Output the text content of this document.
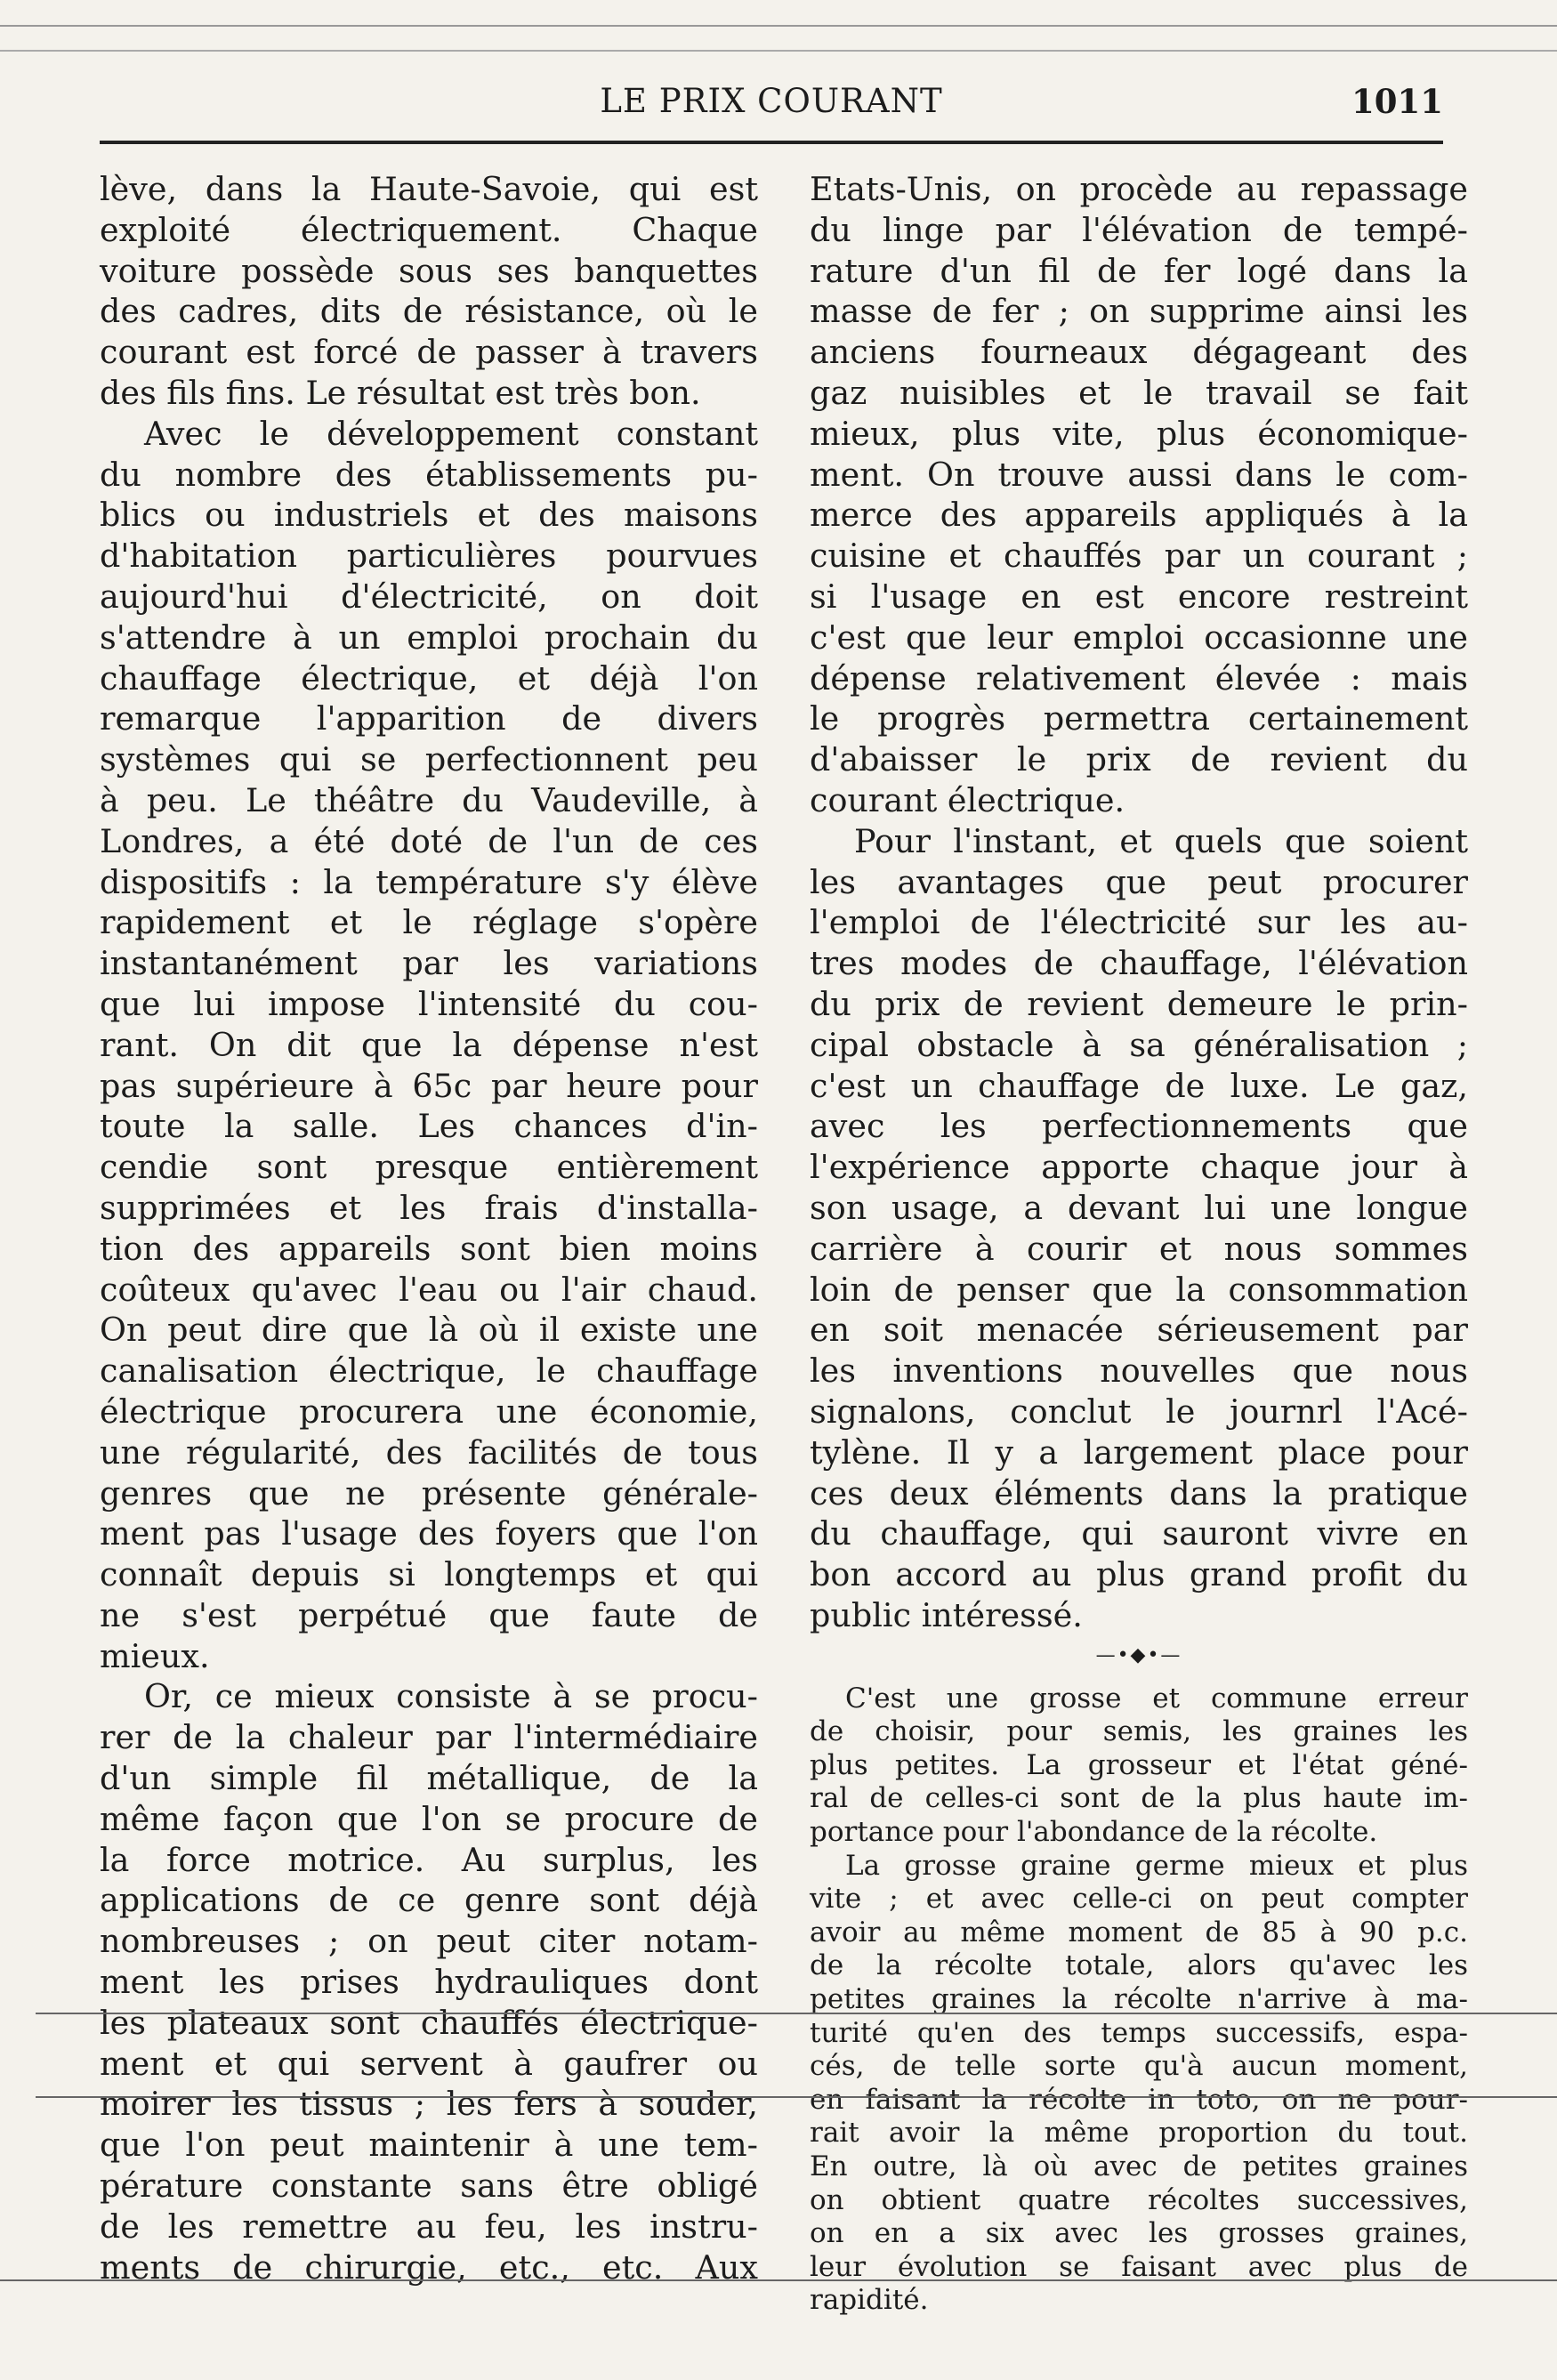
LE PRIX COURANT	1011
lève, dans la Haute-Savoie, qui est
exploité électriquement. Chaque
voiture possède sous ses banquettes
des cadres, dits de résistance, où le
courant est forcé de passer à travers
des fils fins. Le résultat est très bon.
Avec le développement constant
du nombre des établissements pu-
blics ou industriels et des maisons
d'habitation particulières pourvues
aujourd'hui d'électricité, on doit
s'attendre à un emploi prochain du
chauffage électrique, et déjà l'on
remarque l'apparition de divers
systèmes qui se perfectionnent peu
à peu. Le théâtre du Vaudeville, à
Londres, a été doté de l'un de ces
dispositifs : la température s'y élève
rapidement et le réglage s'opère
instantanément par les variations
que lui impose l'intensité du cou-
rant. On dit que la dépense n'est
pas supérieure à 65c par heure pour
toute la salle. Les chances d'in-
cendie sont presque entièrement
supprimées et les frais d'installa-
tion des appareils sont bien moins
coûteux qu'avec l'eau ou l'air chaud.
On peut dire que là où il existe une
canalisation électrique, le chauffage
électrique procurera une économie,
une régularité, des facilités de tous
genres que ne présente générale-
ment pas l'usage des foyers que l'on
connaît depuis si longtemps et qui
ne s'est perpétué que faute de
mieux.
Or, ce mieux consiste à se procu-
rer de la chaleur par l'intermédiaire
d'un simple fil métallique, de la
même façon que l'on se procure de
la force motrice. Au surplus, les
applications de ce genre sont déjà
nombreuses ; on peut citer notam-
ment les prises hydrauliques dont
les plateaux sont chauffés électrique-
ment et qui servent à gaufrer ou
moirer les tissus ; les fers à souder,
que l'on peut maintenir à une tem-
pérature constante sans être obligé
de les remettre au feu, les instru-
ments de chirurgie, etc., etc. Aux
Etats-Unis, on procède au repassage
du linge par l'élévation de tempé-
rature d'un fil de fer logé dans la
masse de fer ; on supprime ainsi les
anciens fourneaux dégageant des
gaz nuisibles et le travail se fait
mieux, plus vite, plus économique-
ment. On trouve aussi dans le com-
merce des appareils appliqués à la
cuisine et chauffés par un courant ;
si l'usage en est encore restreint
c'est que leur emploi occasionne une
dépense relativement élevée : mais
le progrès permettra certainement
d'abaisser le prix de revient du
courant électrique.
Pour l'instant, et quels que soient
les avantages que peut procurer
l'emploi de l'électricité sur les au-
tres modes de chauffage, l'élévation
du prix de revient demeure le prin-
cipal obstacle à sa généralisation ;
c'est un chauffage de luxe. Le gaz,
avec les perfectionnements que
l'expérience apporte chaque jour à
son usage, a devant lui une longue
carrière à courir et nous sommes
loin de penser que la consommation
en soit menacée sérieusement par
les inventions nouvelles que nous
signalons, conclut le journrl l'Acé-
tylène. Il y a largement place pour
ces deux éléments dans la pratique
du chauffage, qui sauront vivre en
bon accord au plus grand profit du
public intéressé.
—•◆•—
C'est une grosse et commune erreur
de choisir, pour semis, les graines les
plus petites. La grosseur et l'état géné-
ral de celles-ci sont de la plus haute im-
portance pour l'abondance de la récolte.
La grosse graine germe mieux et plus
vite ; et avec celle-ci on peut compter
avoir au même moment de 85 à 90 p.c.
de la récolte totale, alors qu'avec les
petites graines la récolte n'arrive à ma-
turité qu'en des temps successifs, espa-
cés, de telle sorte qu'à aucun moment,
en faisant la récolte in toto, on ne pour-
rait avoir la même proportion du tout.
En outre, là où avec de petites graines
on obtient quatre récoltes successives,
on en a six avec les grosses graines,
leur évolution se faisant avec plus de
rapidité.
